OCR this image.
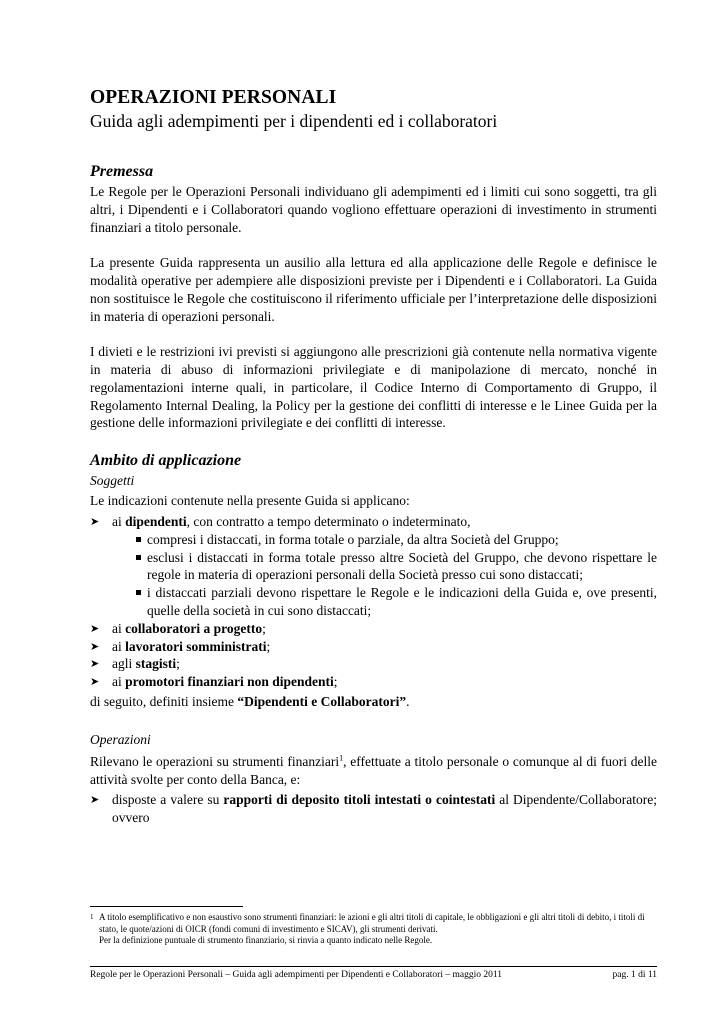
OPERAZIONI PERSONALI
Guida agli adempimenti per i dipendenti ed i collaboratori
Premessa

Le Regole per le Operazioni Personali individuano gli adempimenti ed i limiti cui sono soggetti, tra gli altri, i Dipendenti e i Collaboratori quando vogliono effettuare operazioni di investimento in strumenti finanziari a titolo personale.

La presente Guida rappresenta un ausilio alla lettura ed alla applicazione delle Regole e definisce le modalità operative per adempiere alle disposizioni previste per i Dipendenti e i Collaboratori. La Guida non sostituisce le Regole che costituiscono il riferimento ufficiale per l’interpretazione delle disposizioni in materia di operazioni personali.

I divieti e le restrizioni ivi previsti si aggiungono alle prescrizioni già contenute nella normativa vigente in materia di abuso di informazioni privilegiate e di manipolazione di mercato, nonché in regolamentazioni interne quali, in particolare, il Codice Interno di Comportamento di Gruppo, il Regolamento Internal Dealing, la Policy per la gestione dei conflitti di interesse e le Linee Guida per la gestione delle informazioni privilegiate e dei conflitti di interesse.

Ambito di applicazione
Soggetti

Le indicazioni contenute nella presente Guida si applicano:

➤ ai dipendenti, con contratto a tempo determinato o indeterminato,
compresi i distaccati, in forma totale o parziale, da altra Società del Gruppo;
esclusi i distaccati in forma totale presso altre Società del Gruppo, che devono rispettare le regole in materia di operazioni personali della Società presso cui sono distaccati;
i distaccati parziali devono rispettare le Regole e le indicazioni della Guida e, ove presenti, quelle della società in cui sono distaccati;
➤ ai collaboratori a progetto;
➤ ai lavoratori somministrati;
➤ agli stagisti;
➤ ai promotori finanziari non dipendenti;

di seguito, definiti insieme “Dipendenti e Collaboratori”.

Operazioni

Rilevano le operazioni su strumenti finanziari$^1$, effettuate a titolo personale o comunque al di fuori delle attività svolte per conto della Banca, e:

➤ disposte a valere su rapporti di deposito titoli intestati o cointestati al Dipendente/Collaboratore; ovvero
1 A titolo esemplificativo e non esaustivo sono strumenti finanziari: le azioni e gli altri titoli di capitale, le obbligazioni e gli altri titoli di debito, i titoli di stato, le quote/azioni di OICR (fondi comuni di investimento e SICAV), gli strumenti derivati.
Per la definizione puntuale di strumento finanziario, si rinvia a quanto indicato nelle Regole.
Regole per le Operazioni Personali – Guida agli adempimenti per Dipendenti e Collaboratori – maggio 2011	pag. 1 di 11
